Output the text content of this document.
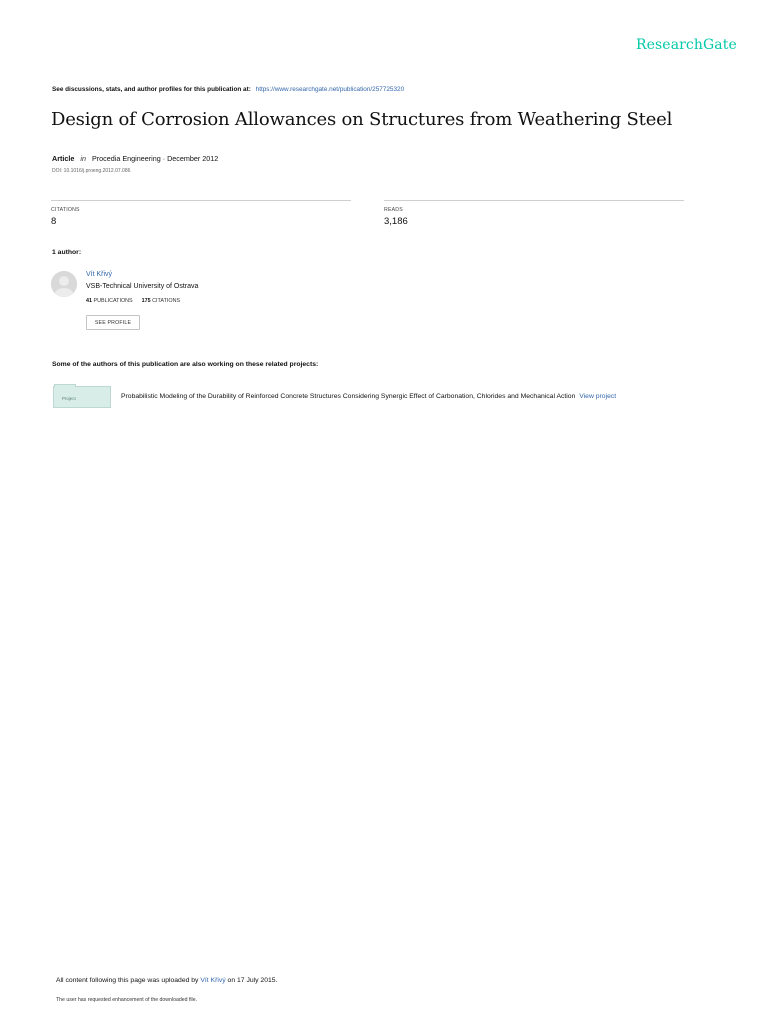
ResearchGate
See discussions, stats, and author profiles for this publication at: https://www.researchgate.net/publication/257725320
Design of Corrosion Allowances on Structures from Weathering Steel
Article in Procedia Engineering · December 2012
DOI: 10.1016/j.proeng.2012.07.086
CITATIONS
8
READS
3,186
1 author:
Vít Křivý
VSB-Technical University of Ostrava
41 PUBLICATIONS 175 CITATIONS
SEE PROFILE
Some of the authors of this publication are also working on these related projects:
Project	Probabilistic Modeling of the Durability of Reinforced Concrete Structures Considering Synergic Effect of Carbonation, Chlorides and Mechanical Action View project
All content following this page was uploaded by Vít Křivý on 17 July 2015.
The user has requested enhancement of the downloaded file.
